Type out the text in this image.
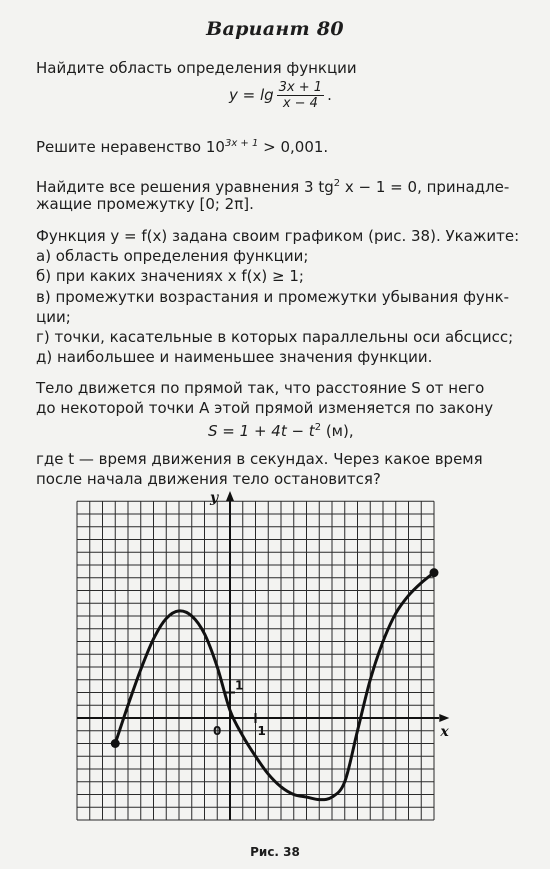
Вариант 80
Найдите область определения функции
$y = \lg \frac{3x + 1}{x - 4}$ .
Решите неравенство $10^{3x + 1} > 0,001$.
Найдите все решения уравнения 3 $tg^2$ x − 1 = 0, принадле-
жащие промежутку [0; 2π].
Функция y = f(x) задана своим графиком (рис. 38). Укажите:
а) область определения функции;
б) при каких значениях x f(x) ≥ 1;
в) промежутки возрастания и промежутки убывания функ-
ции;
г) точки, касательные в которых параллельны оси абсцисс;
д) наибольшее и наименьшее значения функции.
Тело движется по прямой так, что расстояние S от него
до некоторой точки A этой прямой изменяется по закону
$S = 1 + 4t - t^2$ (м),
где t — время движения в секундах. Через какое время
после начала движения тело остановится?
x
y
0	1
1
Рис. 38
